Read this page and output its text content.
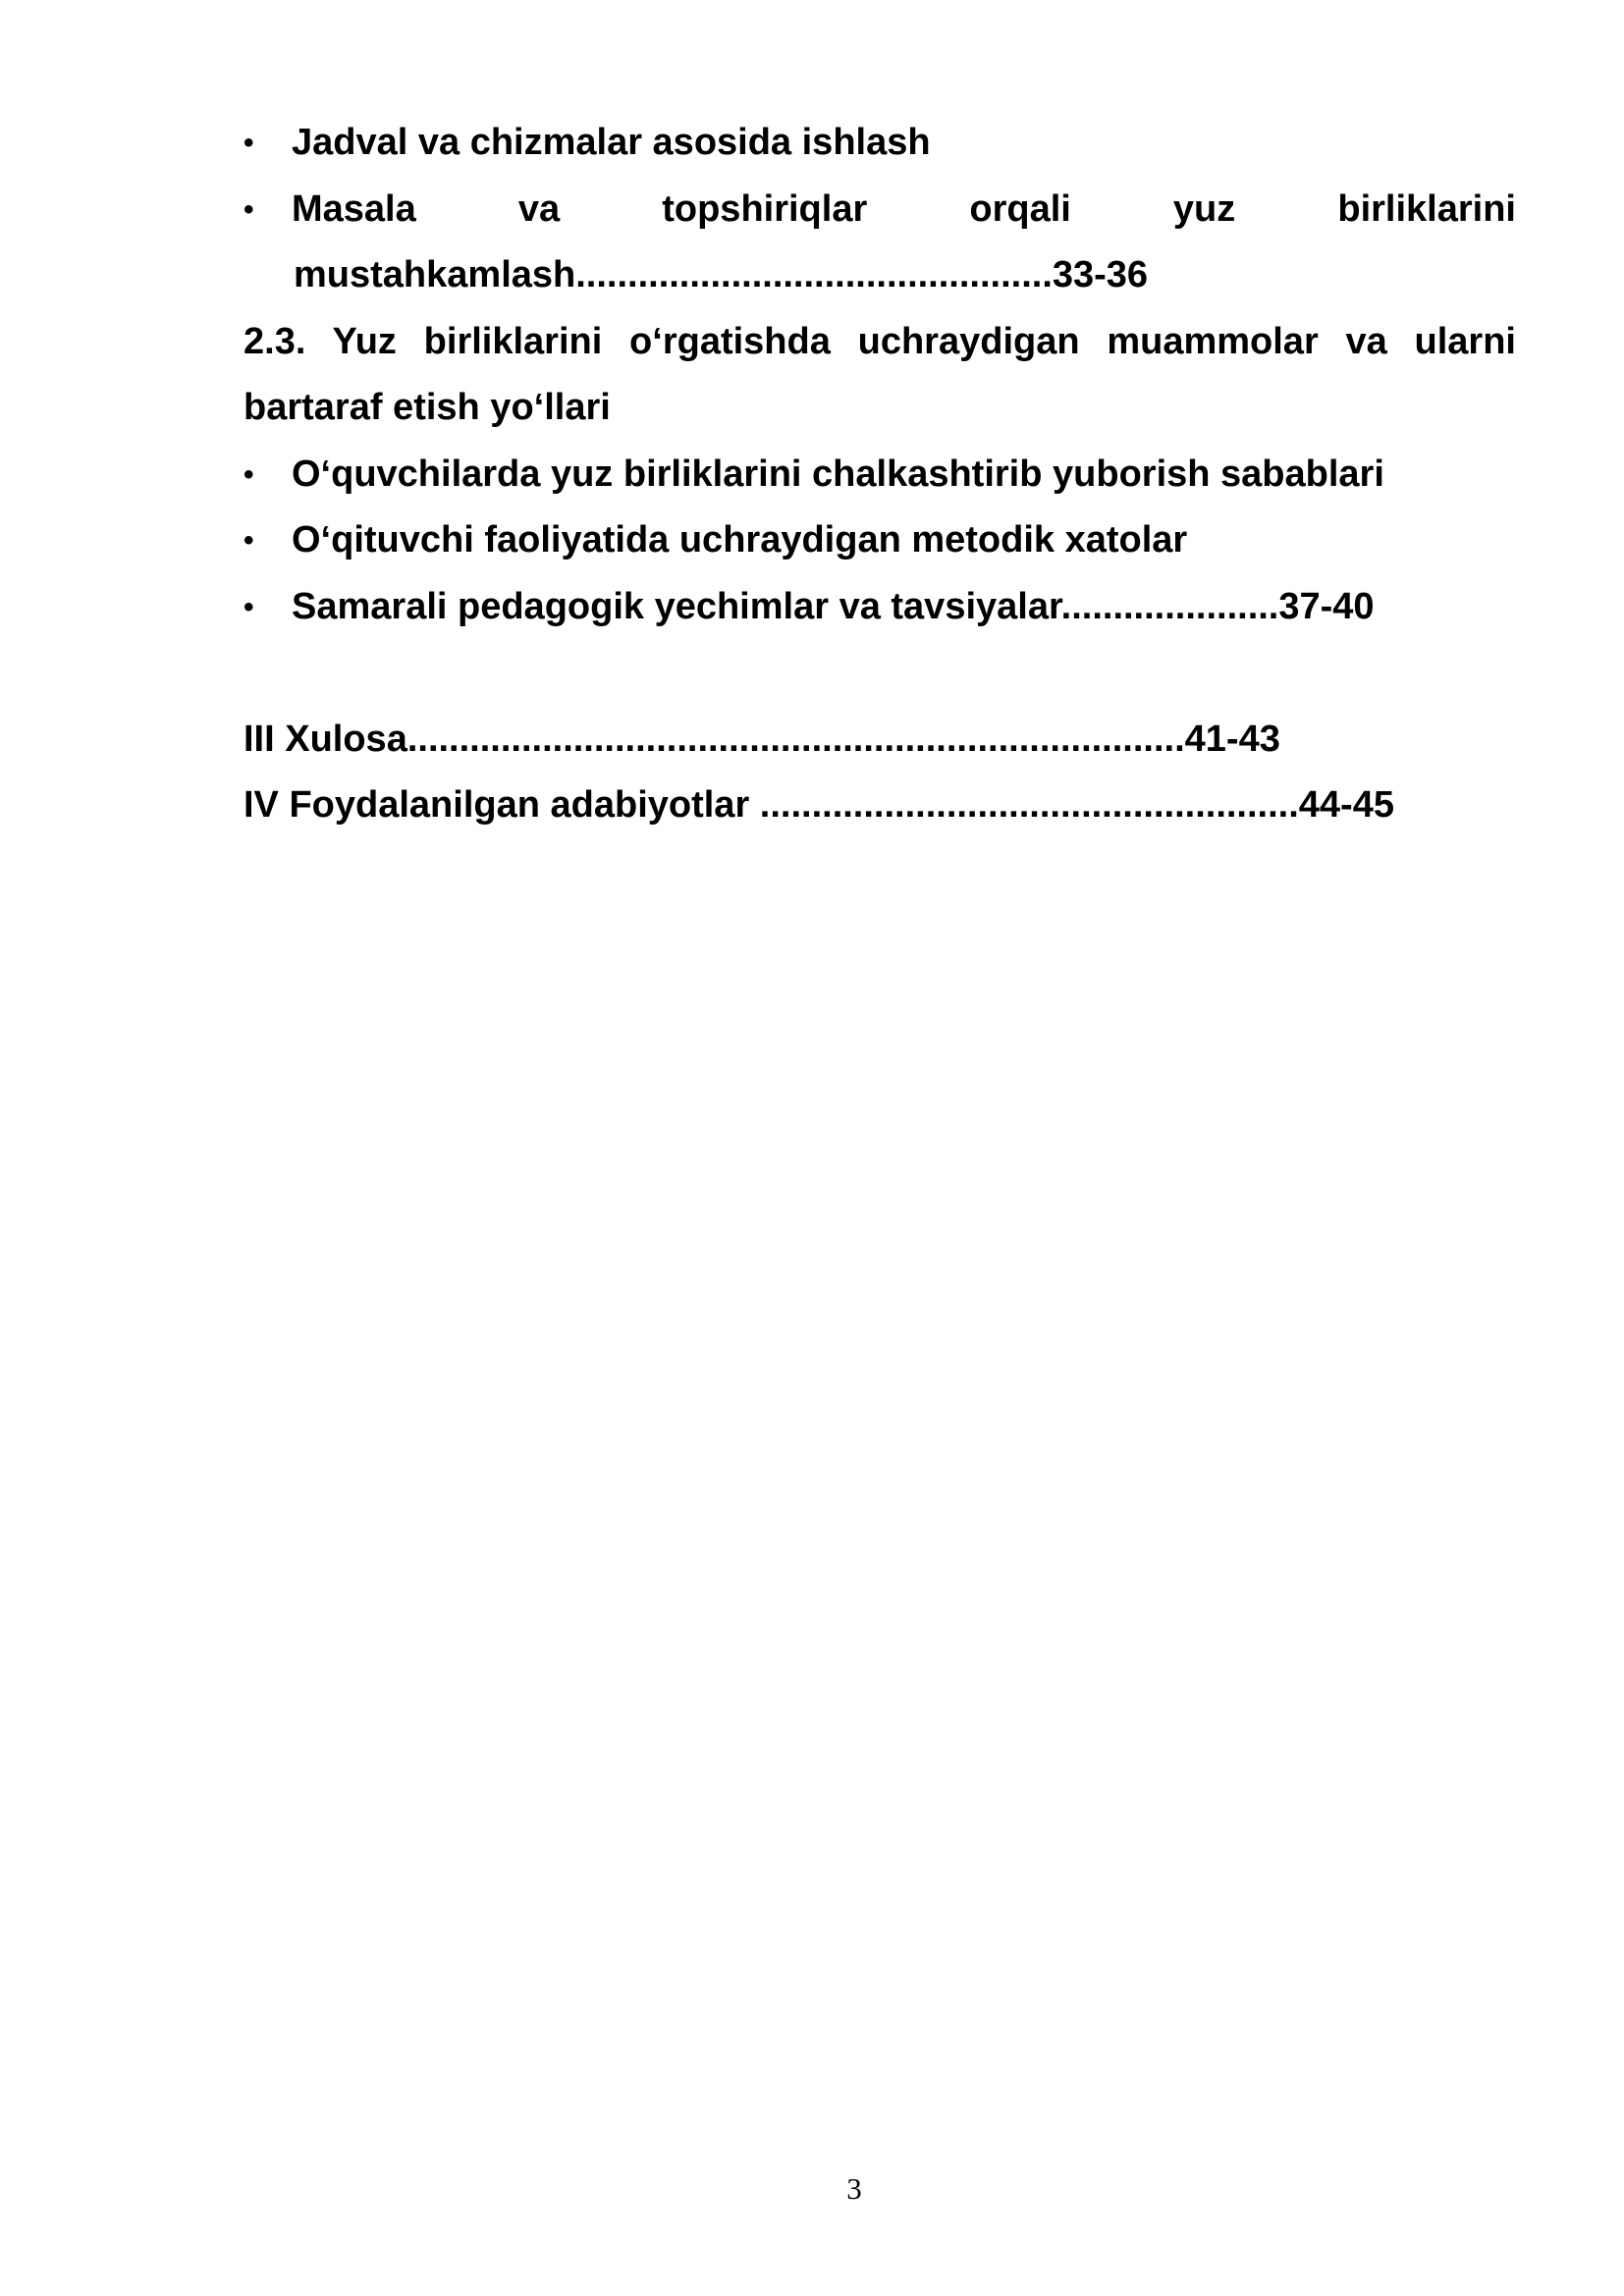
• Jadval va chizmalar asosida ishlash
• Masala va topshiriqlar orqali yuz birliklarini
mustahkamlash..............................................33-36
2.3. Yuz birliklarini o‘rgatishda uchraydigan muammolar va ularni
bartaraf etish yo‘llari
• O‘quvchilarda yuz birliklarini chalkashtirib yuborish sabablari
• O‘qituvchi faoliyatida uchraydigan metodik xatolar
• Samarali pedagogik yechimlar va tavsiyalar.....................37-40
III Xulosa...........................................................................41-43
IV Foydalanilgan adabiyotlar ....................................................44-45
3
